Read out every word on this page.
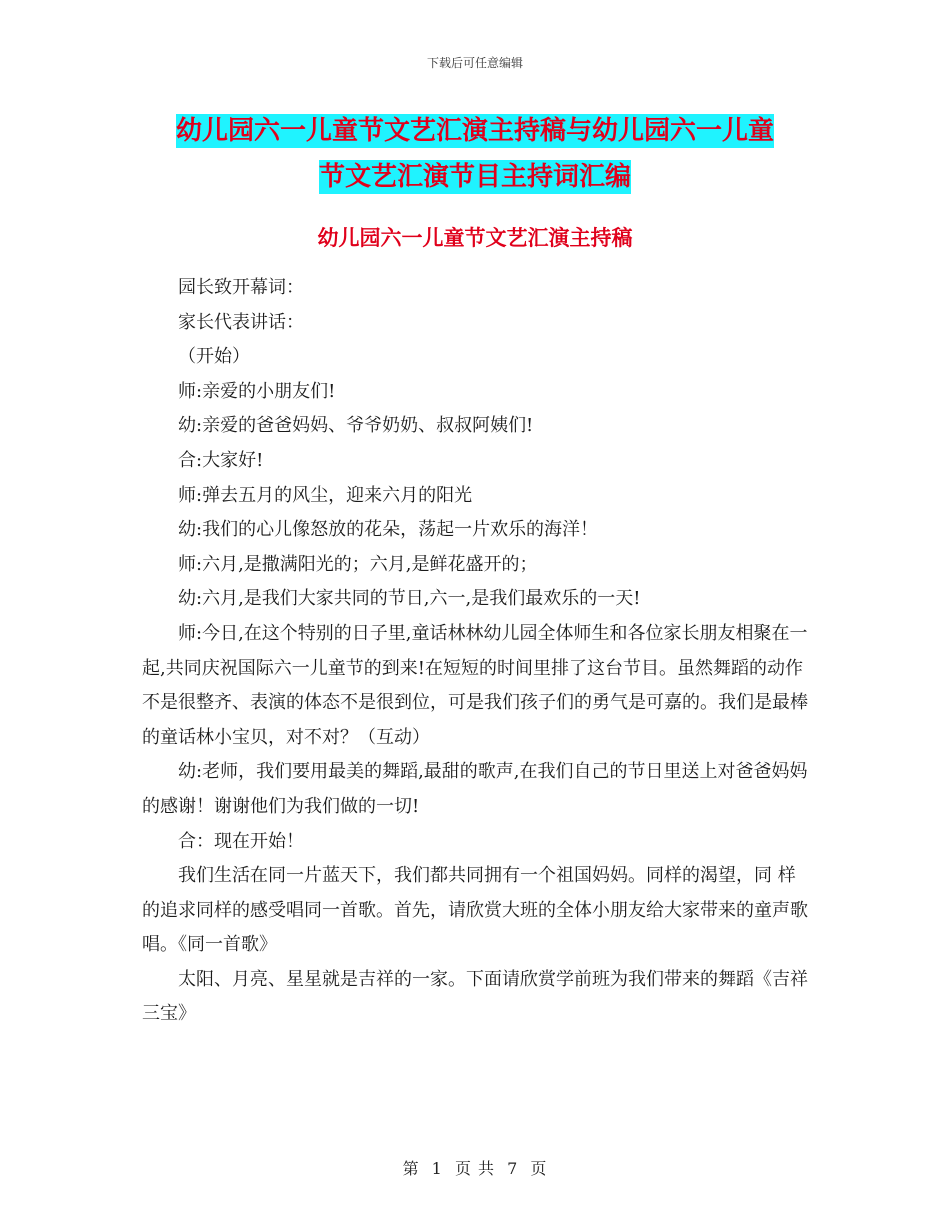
下载后可任意编辑
幼儿园六一儿童节文艺汇演主持稿与幼儿园六一儿童
节文艺汇演节目主持词汇编
幼儿园六一儿童节文艺汇演主持稿

园长致开幕词：

家长代表讲话：

（开始）

师:亲爱的小朋友们!

幼:亲爱的爸爸妈妈、爷爷奶奶、叔叔阿姨们!

合:大家好!

师:弹去五月的风尘，迎来六月的阳光

幼:我们的心儿像怒放的花朵，荡起一片欢乐的海洋！

师:六月,是撒满阳光的；六月,是鲜花盛开的；

幼:六月,是我们大家共同的节日,六一,是我们最欢乐的一天!

师:今日,在这个特别的日子里,童话林林幼儿园全体师生和各位家长朋友相聚在一起,共同庆祝国际六一儿童节的到来!在短短的时间里排了这台节目。虽然舞蹈的动作不是很整齐、表演的体态不是很到位，可是我们孩子们的勇气是可嘉的。我们是最棒的童话林小宝贝，对不对？（互动）

幼:老师，我们要用最美的舞蹈,最甜的歌声,在我们自己的节日里送上对爸爸妈妈的感谢！谢谢他们为我们做的一切!

合：现在开始！

我们生活在同一片蓝天下，我们都共同拥有一个祖国妈妈。同样的渴望，同 样的追求同样的感受唱同一首歌。首先，请欣赏大班的全体小朋友给大家带来的童声歌唱。《同一首歌》

太阳、月亮、星星就是吉祥的一家。下面请欣赏学前班为我们带来的舞蹈《吉祥三宝》

第 1 页 共 7 页
